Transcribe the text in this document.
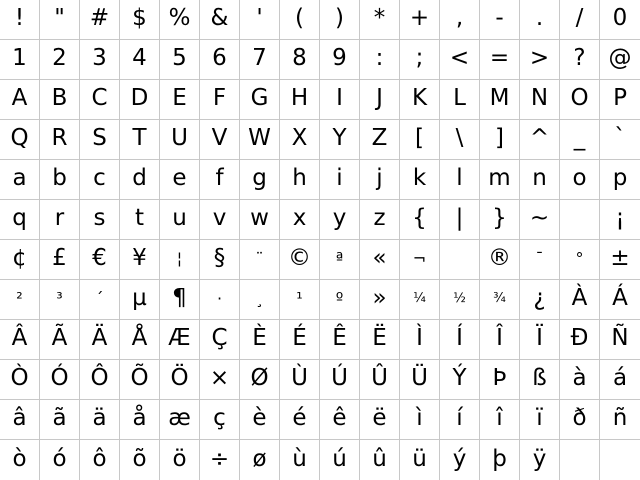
! " # $ % & ' ( ) * + , - . / 0
1 2 3 4 5 6 7 8 9 : ; < = > ? @
A B C D E F G H I J K L M N O P
Q R S T U V W X Y Z [ \ ] ^ _ `
a b c d e f g h i j k l m n o p
q r s t u v w x y z { | } ~	¡
¢ £ € ¥ ¦ § ¨ © ª « ¬	® ¯ ° ±
² ³ ´ µ ¶ · ¸ ¹ º » ¼ ½ ¾ ¿ À Á
Â Ã Ä Å Æ Ç È É Ê Ë Ì Í Î Ï Ð Ñ
Ò Ó Ô Õ Ö × Ø Ù Ú Û Ü Ý Þ ß à á
â ã ä å æ ç è é ê ë ì í î ï ð ñ
ò ó ô õ ö ÷ ø ù ú û ü ý þ ÿ
